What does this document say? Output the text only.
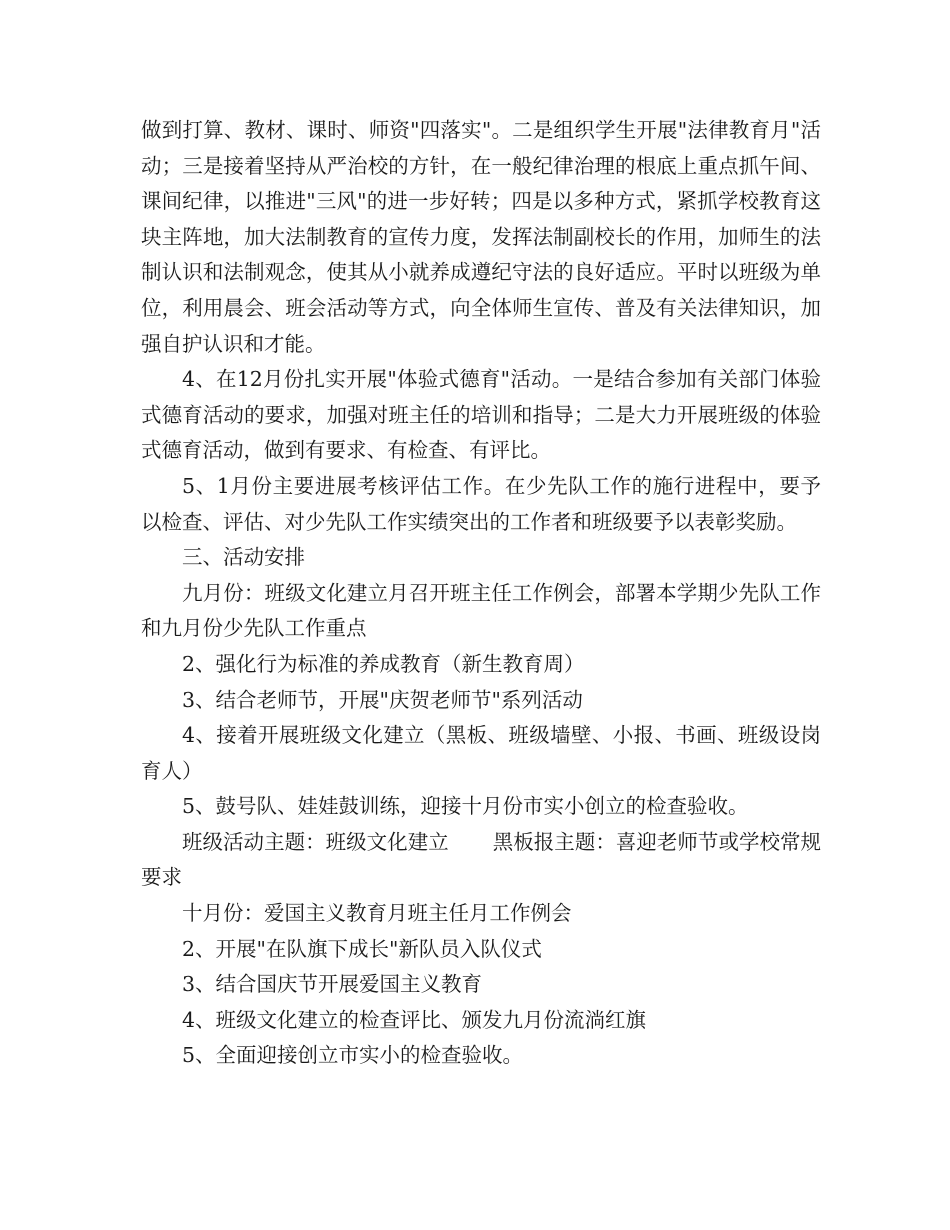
做到打算、教材、课时、师资"四落实"。二是组织学生开展"法律教育月"活动；三是接着坚持从严治校的方针，在一般纪律治理的根底上重点抓午间、课间纪律，以推进"三风"的进一步好转；四是以多种方式，紧抓学校教育这块主阵地，加大法制教育的宣传力度，发挥法制副校长的作用，加师生的法制认识和法制观念，使其从小就养成遵纪守法的良好适应。平时以班级为单位，利用晨会、班会活动等方式，向全体师生宣传、普及有关法律知识，加强自护认识和才能。

4、在12月份扎实开展"体验式德育"活动。一是结合参加有关部门体验式德育活动的要求，加强对班主任的培训和指导；二是大力开展班级的体验式德育活动，做到有要求、有检查、有评比。

5、1月份主要进展考核评估工作。在少先队工作的施行进程中，要予以检查、评估、对少先队工作实绩突出的工作者和班级要予以表彰奖励。

三、活动安排

九月份：班级文化建立月召开班主任工作例会，部署本学期少先队工作和九月份少先队工作重点

2、强化行为标准的养成教育（新生教育周）

3、结合老师节，开展"庆贺老师节"系列活动

4、接着开展班级文化建立（黑板、班级墙壁、小报、书画、班级设岗育人）

5、鼓号队、娃娃鼓训练，迎接十月份市实小创立的检查验收。

班级活动主题：班级文化建立 黑板报主题：喜迎老师节或学校常规要求

十月份：爱国主义教育月班主任月工作例会

2、开展"在队旗下成长"新队员入队仪式

3、结合国庆节开展爱国主义教育

4、班级文化建立的检查评比、颁发九月份流淌红旗

5、全面迎接创立市实小的检查验收。
